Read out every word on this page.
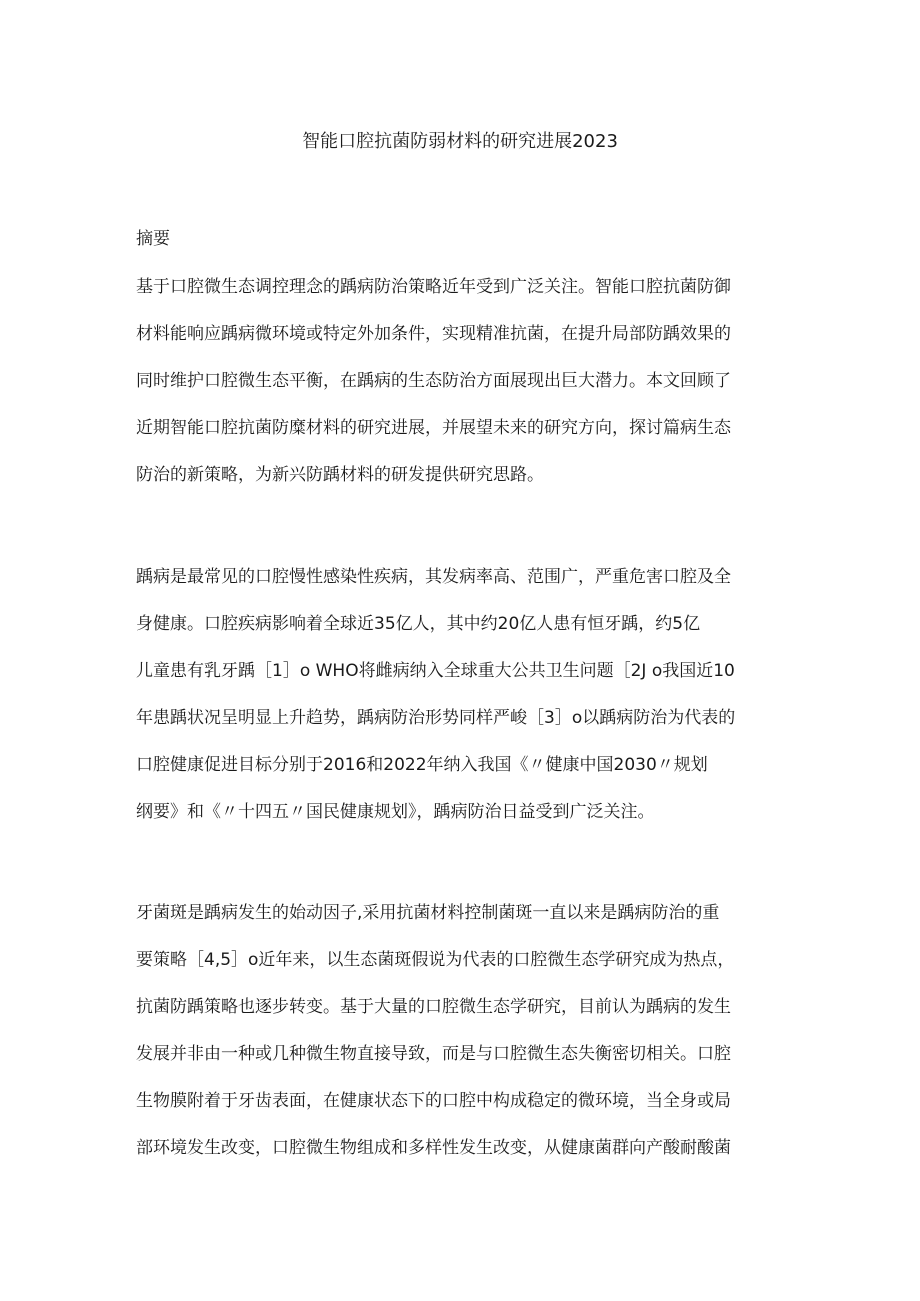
智能口腔抗菌防弱材料的研究进展2023
摘要

基于口腔微生态调控理念的踽病防治策略近年受到广泛关注。智能口腔抗菌防御

材料能响应踽病微环境或特定外加条件，实现精准抗菌，在提升局部防踽效果的

同时维护口腔微生态平衡，在踽病的生态防治方面展现出巨大潜力。本文回顾了

近期智能口腔抗菌防糜材料的研究进展，并展望未来的研究方向，探讨篇病生态

防治的新策略，为新兴防踽材料的研发提供研究思路。

踽病是最常见的口腔慢性感染性疾病，其发病率高、范围广，严重危害口腔及全

身健康。口腔疾病影响着全球近35亿人，其中约20亿人患有恒牙踽，约5亿

儿童患有乳牙踽［1］o WHO将雌病纳入全球重大公共卫生问题［2J o我国近10

年患踽状况呈明显上升趋势，踽病防治形势同样严峻［3］o以踽病防治为代表的

口腔健康促进目标分别于2016和2022年纳入我国《〃健康中国2030〃规划

纲要》和《〃十四五〃国民健康规划》，踽病防治日益受到广泛关注。

牙菌斑是踽病发生的始动因子,采用抗菌材料控制菌斑一直以来是踽病防治的重

要策略［4,5］o近年来，以生态菌斑假说为代表的口腔微生态学研究成为热点，

抗菌防踽策略也逐步转变。基于大量的口腔微生态学研究，目前认为踽病的发生

发展并非由一种或几种微生物直接导致，而是与口腔微生态失衡密切相关。口腔

生物膜附着于牙齿表面，在健康状态下的口腔中构成稳定的微环境，当全身或局

部环境发生改变，口腔微生物组成和多样性发生改变，从健康菌群向产酸耐酸菌
